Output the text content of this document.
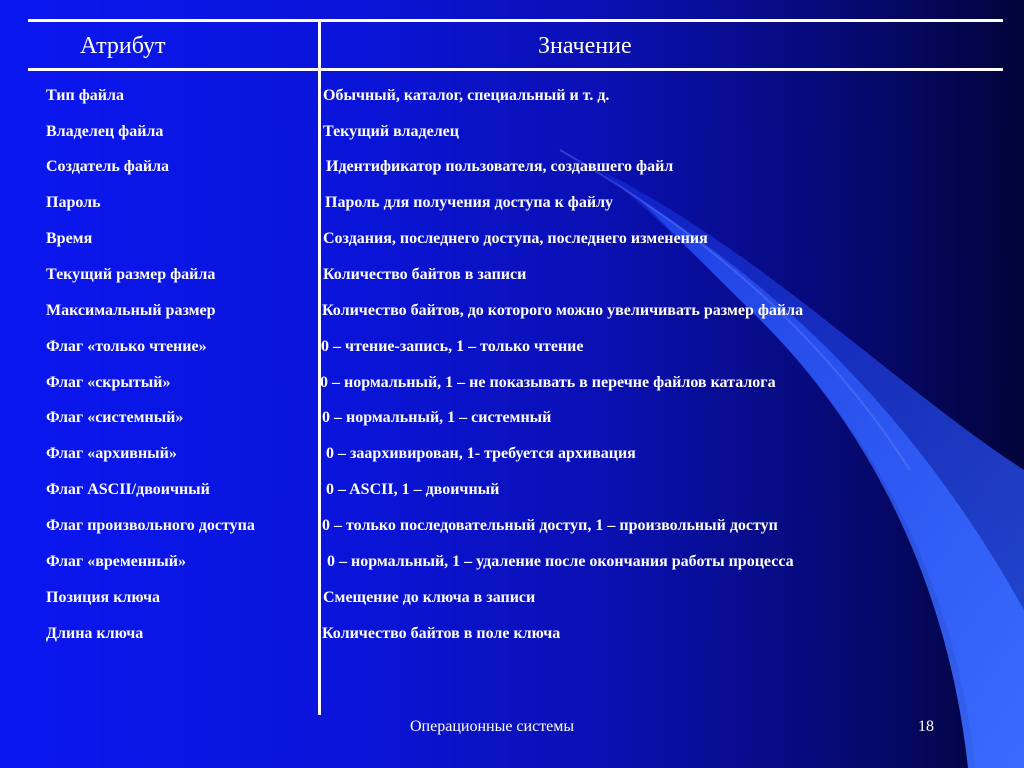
Атрибут	Значение
Тип файла	Обычный, каталог, специальный и т. д.
Владелец файла	Текущий владелец
Создатель файла	Идентификатор пользователя, создавшего файл
Пароль	Пароль для получения доступа к файлу
Время	Создания, последнего доступа, последнего изменения
Текущий размер файла	Количество байтов в записи
Максимальный размер	Количество байтов, до которого можно увеличивать размер файла
Флаг «только чтение»	0 – чтение-запись, 1 – только чтение
Флаг «скрытый»	0 – нормальный, 1 – не показывать в перечне файлов каталога
Флаг «системный»	0 – нормальный, 1 – системный
Флаг «архивный»	0 – заархивирован, 1- требуется архивация
Флаг ASCII/двоичный	0 – ASCII, 1 – двоичный
Флаг произвольного доступа	0 – только последовательный доступ, 1 – произвольный доступ
Флаг «временный»	0 – нормальный, 1 – удаление после окончания работы процесса
Позиция ключа	Смещение до ключа в записи
Длина ключа	Количество байтов в поле ключа
Операционные системы	18
